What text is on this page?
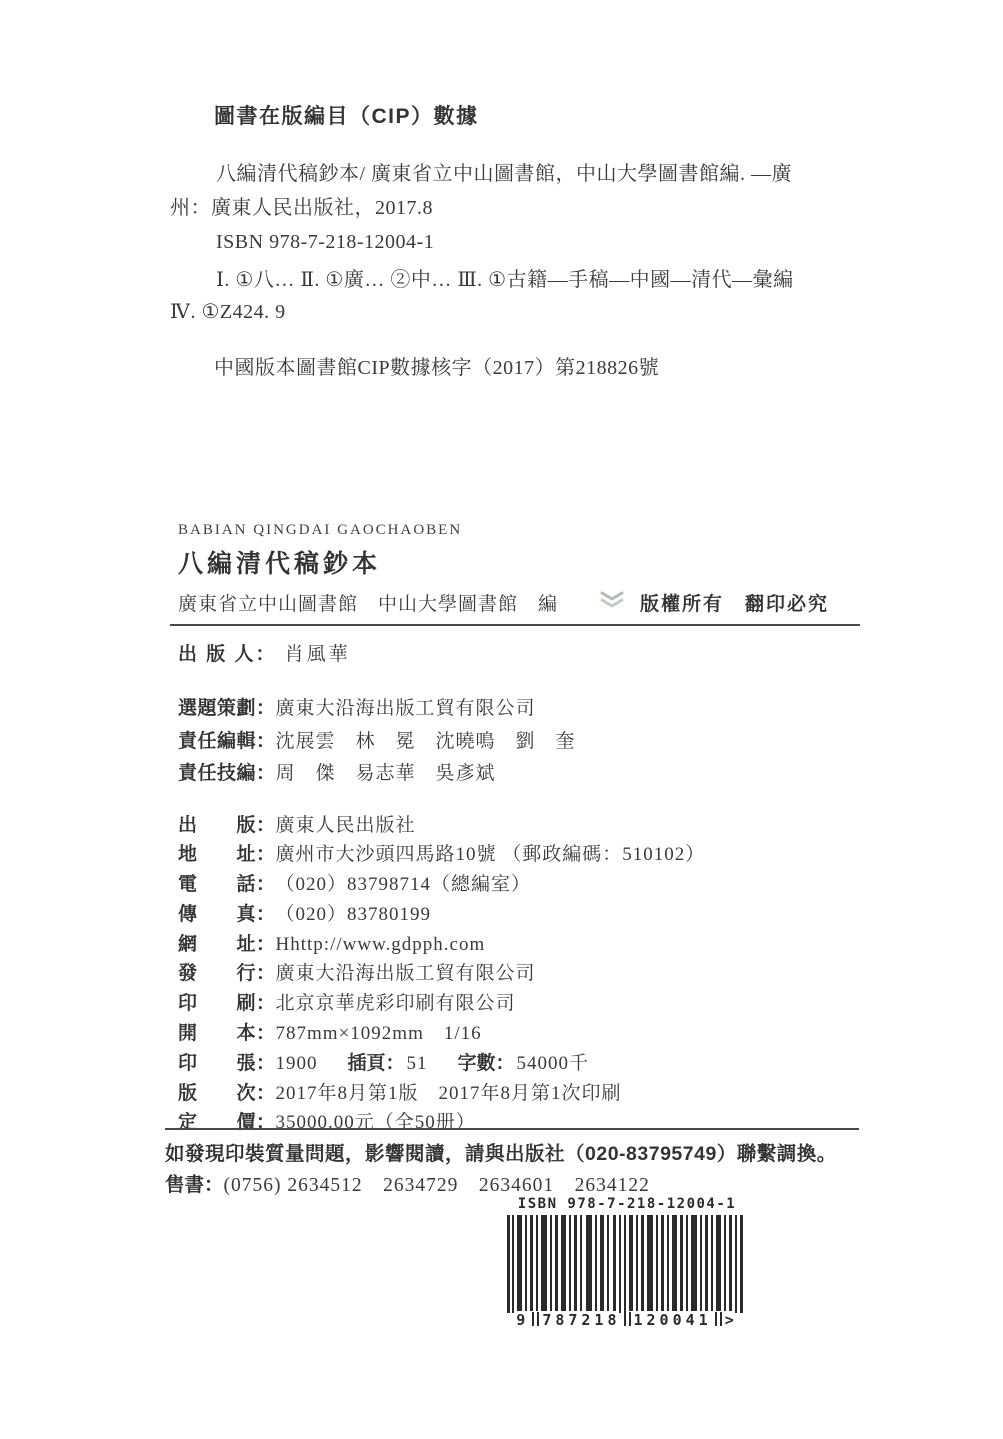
圖書在版編目（CIP）數據
八編清代稿鈔本/ 廣東省立中山圖書館，中山大學圖書館編. —廣
州：廣東人民出版社，2017.8
ISBN 978-7-218-12004-1
Ⅰ. ①八… Ⅱ. ①廣… ②中… Ⅲ. ①古籍—手稿—中國—清代—彙編
Ⅳ. ①Z424. 9
中國版本圖書館CIP數據核字（2017）第218826號
BABIAN QINGDAI GAOCHAOBEN
八編清代稿鈔本
廣東省立中山圖書館　中山大學圖書館　編	版權所有　翻印必究
出 版 人： 肖風華
選題策劃：廣東大沿海出版工貿有限公司
責任編輯：沈展雲　林　冕　沈曉鳴　劉　奎
責任技編：周　傑　易志華　吳彥斌
出　　版：廣東人民出版社
地　　址：廣州市大沙頭四馬路10號 （郵政編碼：510102）
電　　話：（020）83798714（總編室）
傳　　真：（020）83780199
網　　址：Hhttp://www.gdpph.com
發　　行：廣東大沿海出版工貿有限公司
印　　刷：北京京華虎彩印刷有限公司
開　　本：787mm×1092mm　1/16
印　　張：1900 插頁： 51 字數： 54000千
版　　次：2017年8月第1版　2017年8月第1次印刷
定　　價：35000.00元（全50册）
如發現印裝質量問題，影響閱讀，請與出版社（020-83795749）聯繫調換。
售書：(0756) 2634512　2634729　2634601　2634122
ISBN 978-7-218-12004-1
9 787218 120041 >
